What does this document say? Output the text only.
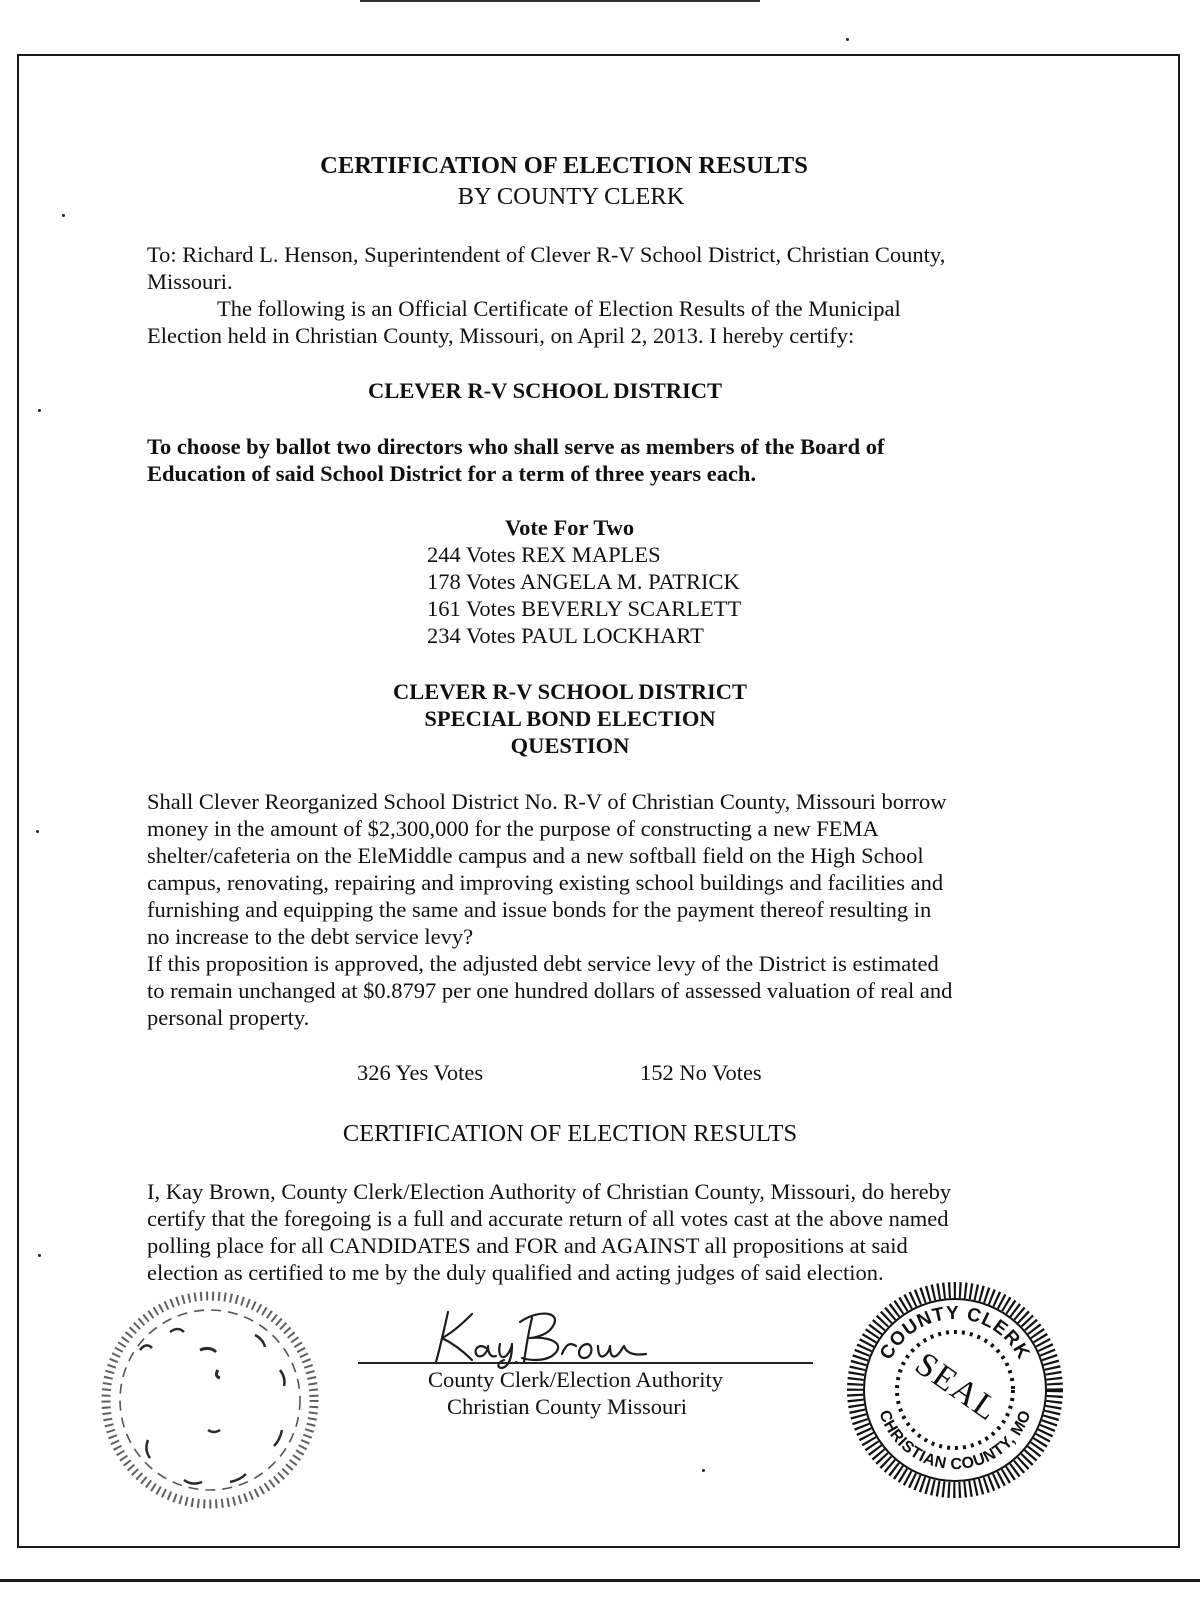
CERTIFICATION OF ELECTION RESULTS
BY COUNTY CLERK
To: Richard L. Henson, Superintendent of Clever R-V School District, Christian County,
Missouri.
The following is an Official Certificate of Election Results of the Municipal
Election held in Christian County, Missouri, on April 2, 2013. I hereby certify:
CLEVER R-V SCHOOL DISTRICT
To choose by ballot two directors who shall serve as members of the Board of
Education of said School District for a term of three years each.
Vote For Two
244 Votes REX MAPLES
178 Votes ANGELA M. PATRICK
161 Votes BEVERLY SCARLETT
234 Votes PAUL LOCKHART
CLEVER R-V SCHOOL DISTRICT
SPECIAL BOND ELECTION
QUESTION
Shall Clever Reorganized School District No. R-V of Christian County, Missouri borrow
money in the amount of $2,300,000 for the purpose of constructing a new FEMA
shelter/cafeteria on the EleMiddle campus and a new softball field on the High School
campus, renovating, repairing and improving existing school buildings and facilities and
furnishing and equipping the same and issue bonds for the payment thereof resulting in
no increase to the debt service levy?
If this proposition is approved, the adjusted debt service levy of the District is estimated
to remain unchanged at $0.8797 per one hundred dollars of assessed valuation of real and
personal property.
326 Yes Votes	152 No Votes
CERTIFICATION OF ELECTION RESULTS
I, Kay Brown, County Clerk/Election Authority of Christian County, Missouri, do hereby
certify that the foregoing is a full and accurate return of all votes cast at the above named
polling place for all CANDIDATES and FOR and AGAINST all propositions at said
election as certified to me by the duly qualified and acting judges of said election.
County Clerk/Election Authority
Christian County Missouri
COUNTY CLERK
CHRISTIAN COUNTY, MO
SEAL
